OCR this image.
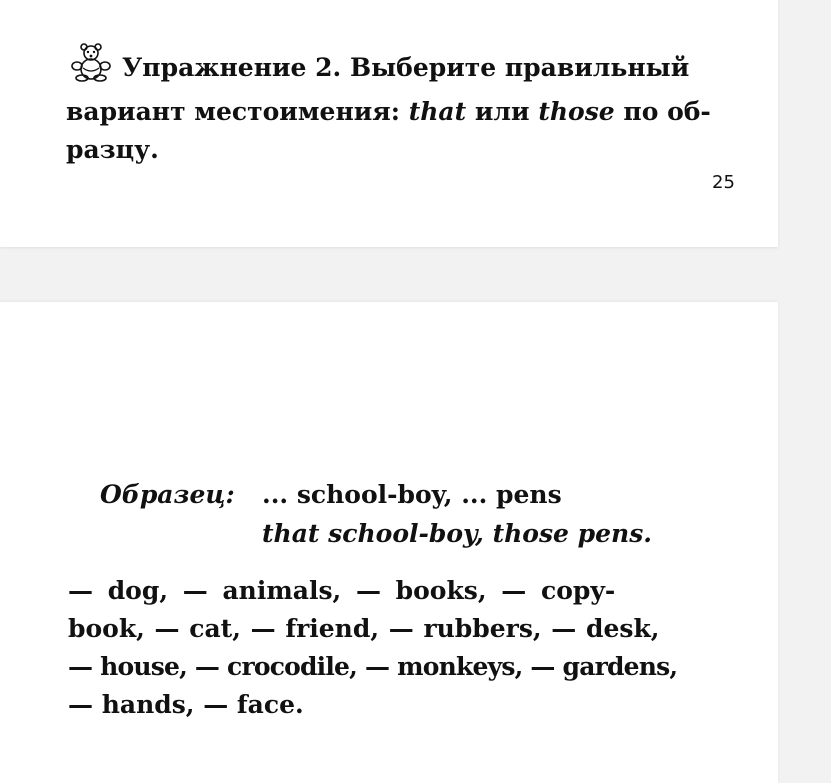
Упражнение 2. Выберите правильный
вариант местоимения: that или those по об-
разцу.
25
Образец: ... school-boy, ... pens
that school-boy, those pens.
— dog, — animals, — books, — copy-
book, — cat, — friend, — rubbers, — desk,
— house, — crocodile, — monkeys, — gardens,
— hands, — face.
